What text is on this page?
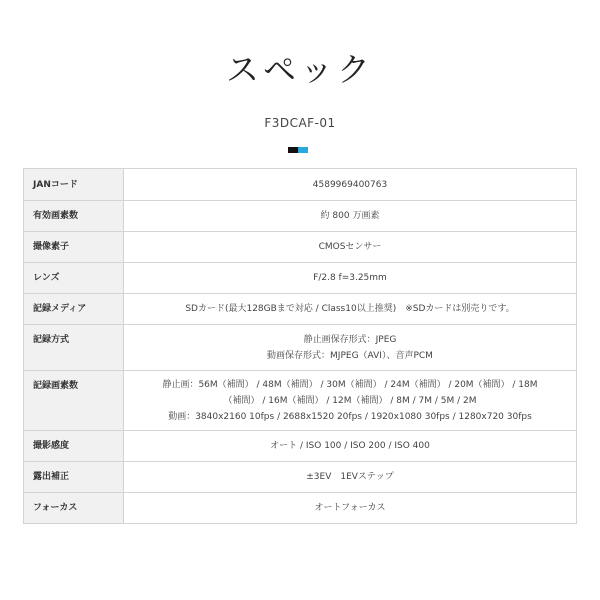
スペック
F3DCAF-01
JANコード	4589969400763

有効画素数	約 800 万画素

撮像素子	CMOSセンサー

レンズ	F/2.8 f=3.25mm

記録メディア	SDカード(最大128GBまで対応 / Class10以上推奨)　※SDカードは別売りです。

記録方式	静止画保存形式：JPEG
動画保存形式：MJPEG（AVI）、音声PCM

記録画素数	静止画：56M（補間） / 48M（補間） / 30M（補間） / 24M（補間） / 20M（補間） / 18M
（補間） / 16M（補間） / 12M（補間） / 8M / 7M / 5M / 2M
動画：3840x2160 10fps / 2688x1520 20fps / 1920x1080 30fps / 1280x720 30fps

撮影感度	オート / ISO 100 / ISO 200 / ISO 400

露出補正	±3EV　1EVステップ

フォーカス	オートフォーカス
